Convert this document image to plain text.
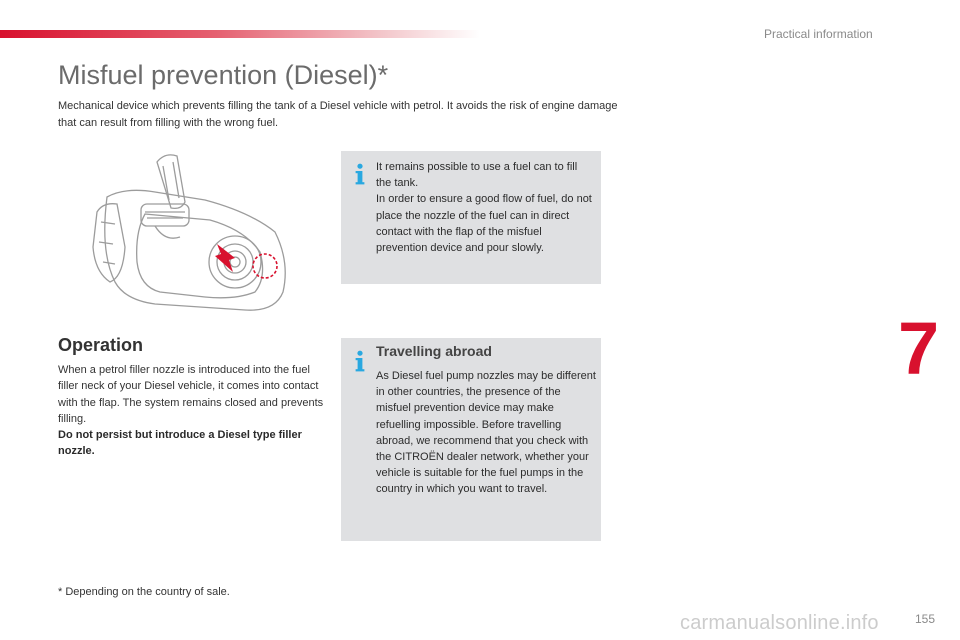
Practical information
Misfuel prevention (Diesel)*

Mechanical device which prevents filling the tank of a Diesel vehicle with petrol. It avoids the risk of engine damage that can result from filling with the wrong fuel.

It remains possible to use a fuel can to fill the tank.
In order to ensure a good flow of fuel, do not place the nozzle of the fuel can in direct contact with the flap of the misfuel prevention device and pour slowly.

Operation

When a petrol filler nozzle is introduced into the fuel filler neck of your Diesel vehicle, it comes into contact with the flap. The system remains closed and prevents filling.

Do not persist but introduce a Diesel type filler nozzle.

Travelling abroad

As Diesel fuel pump nozzles may be different in other countries, the presence of the misfuel prevention device may make refuelling impossible. Before travelling abroad, we recommend that you check with the CITROËN dealer network, whether your vehicle is suitable for the fuel pumps in the country in which you want to travel.

7
* Depending on the country of sale.
carmanualsonline.info	155
